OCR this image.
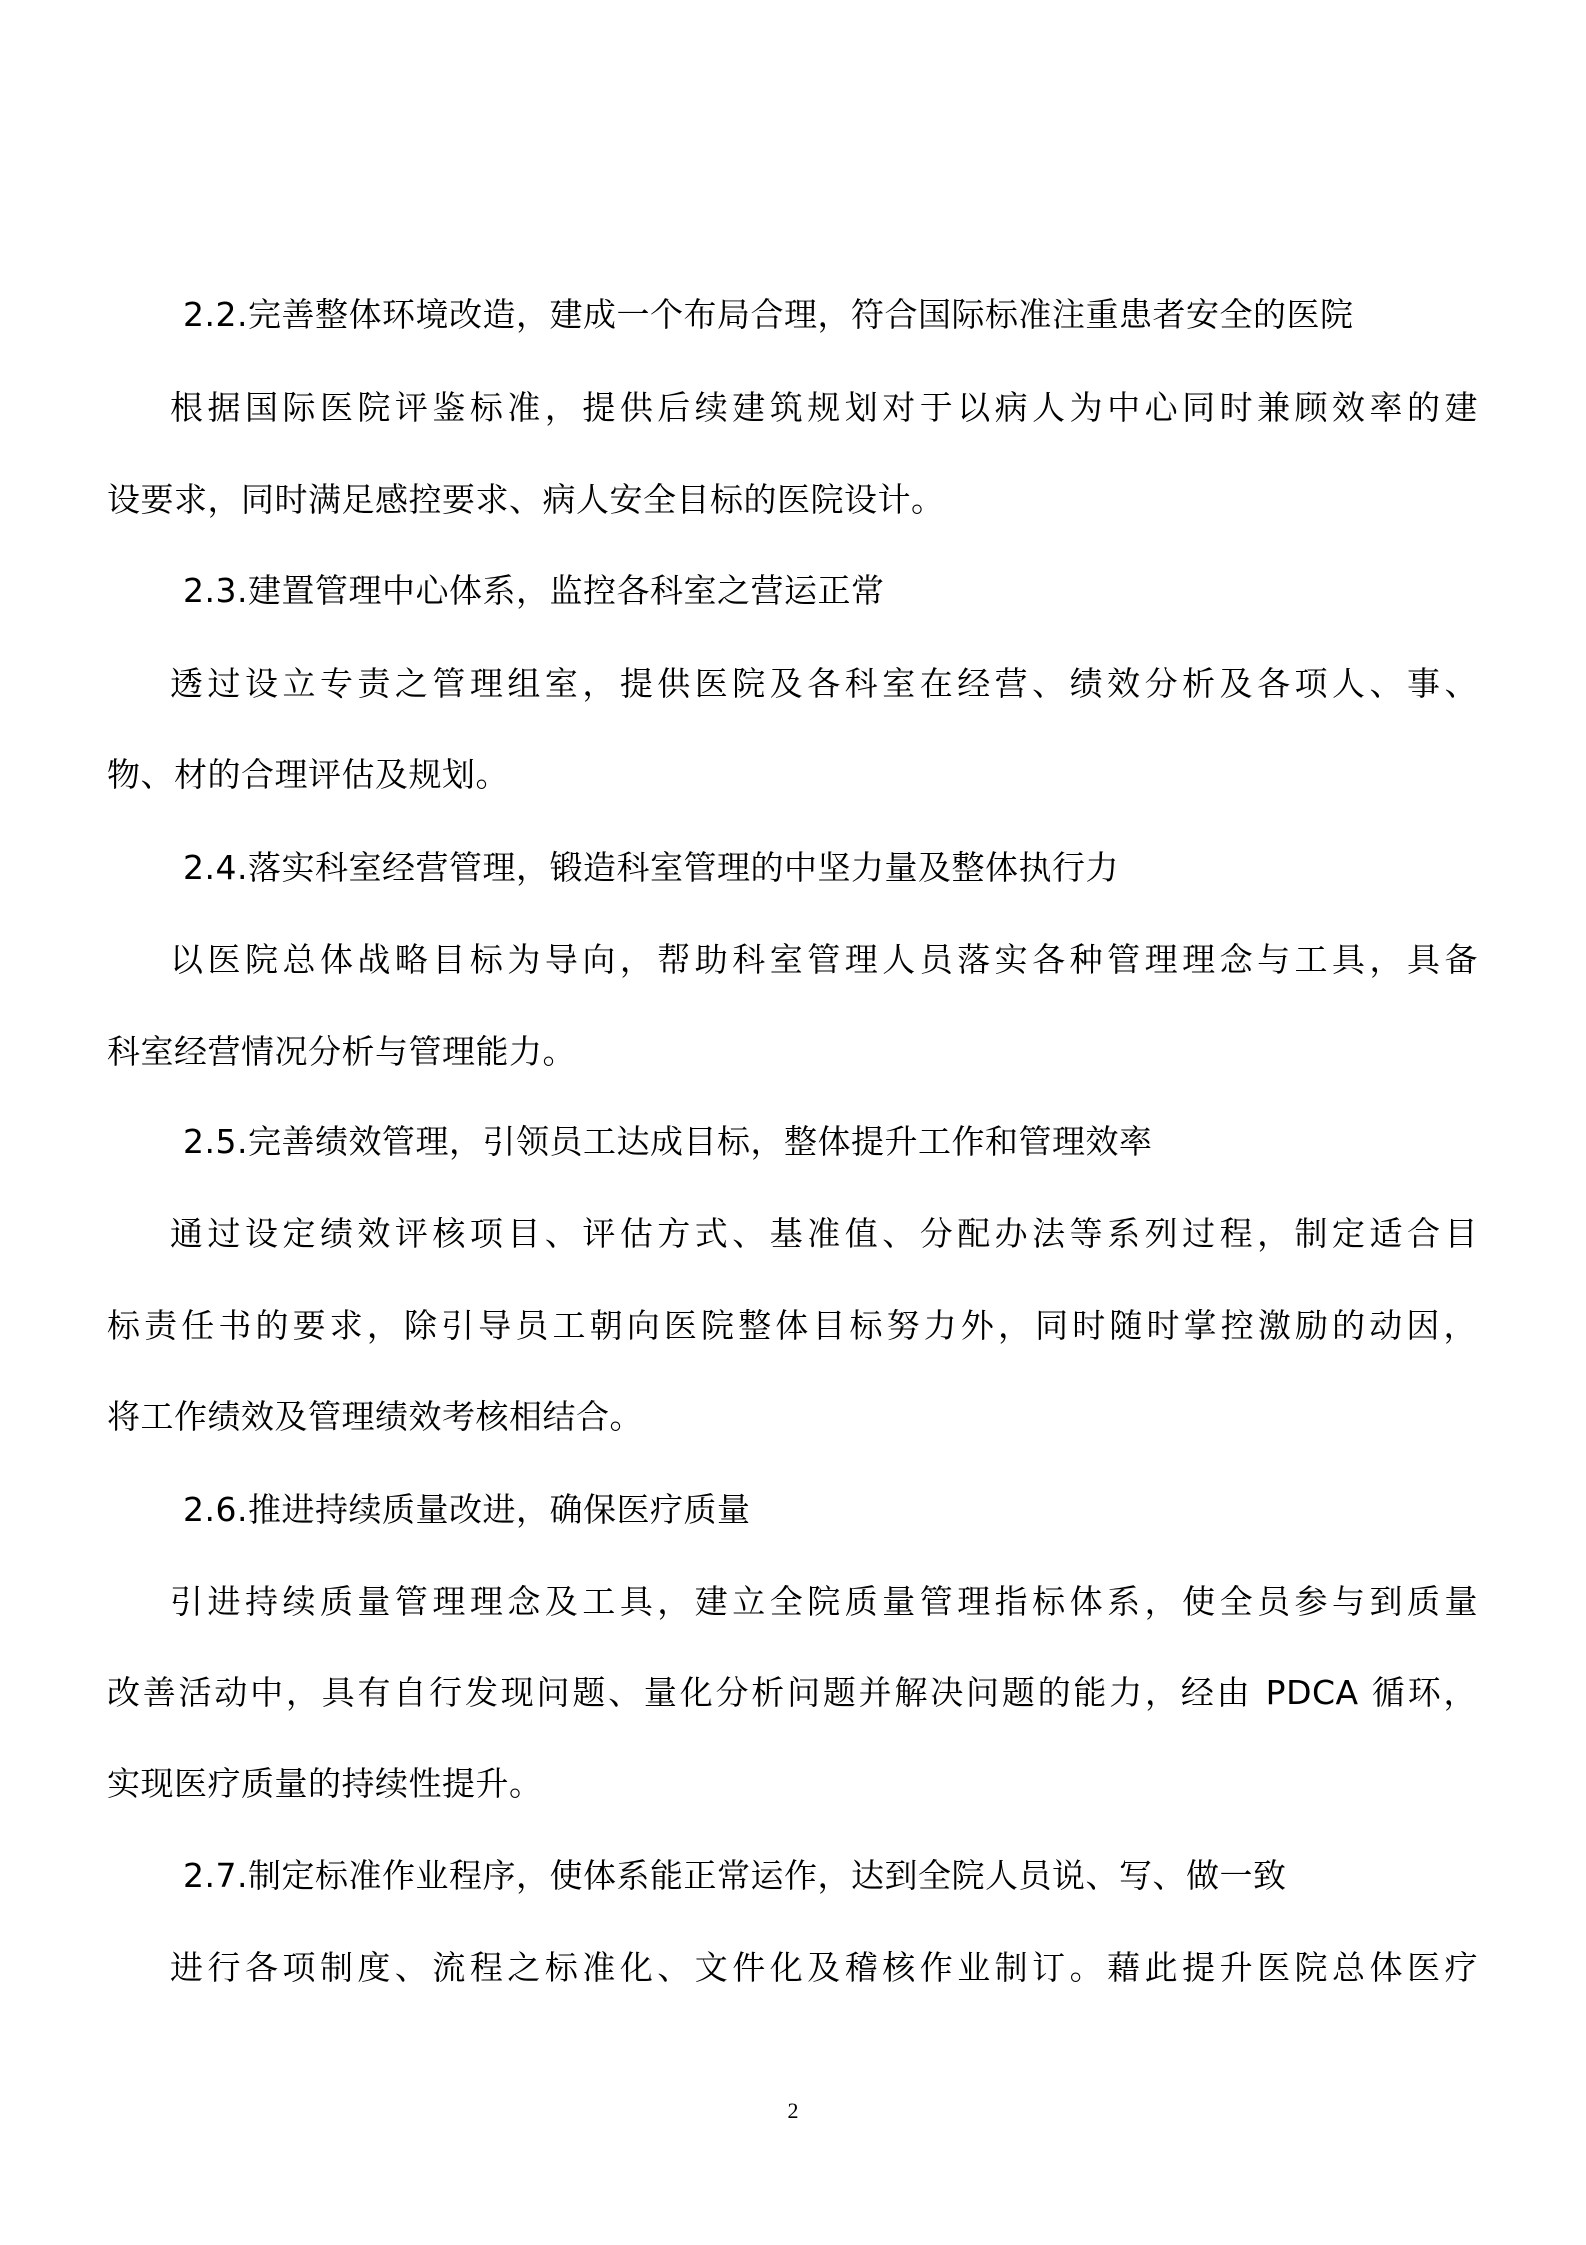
2.2.完善整体环境改造，建成一个布局合理，符合国际标准注重患者安全的医院
根据国际医院评鉴标准，提供后续建筑规划对于以病人为中心同时兼顾效率的建
设要求，同时满足感控要求、病人安全目标的医院设计。
2.3.建置管理中心体系，监控各科室之营运正常
透过设立专责之管理组室，提供医院及各科室在经营、绩效分析及各项人、事、
物、材的合理评估及规划。
2.4.落实科室经营管理，锻造科室管理的中坚力量及整体执行力
以医院总体战略目标为导向，帮助科室管理人员落实各种管理理念与工具，具备
科室经营情况分析与管理能力。
2.5.完善绩效管理，引领员工达成目标，整体提升工作和管理效率
通过设定绩效评核项目、评估方式、基准值、分配办法等系列过程，制定适合目
标责任书的要求，除引导员工朝向医院整体目标努力外，同时随时掌控激励的动因，
将工作绩效及管理绩效考核相结合。
2.6.推进持续质量改进，确保医疗质量
引进持续质量管理理念及工具，建立全院质量管理指标体系，使全员参与到质量
改善活动中，具有自行发现问题、量化分析问题并解决问题的能力，经由 PDCA 循环，
实现医疗质量的持续性提升。
2.7.制定标准作业程序，使体系能正常运作，达到全院人员说、写、做一致
进行各项制度、流程之标准化、文件化及稽核作业制订。藉此提升医院总体医疗
2
